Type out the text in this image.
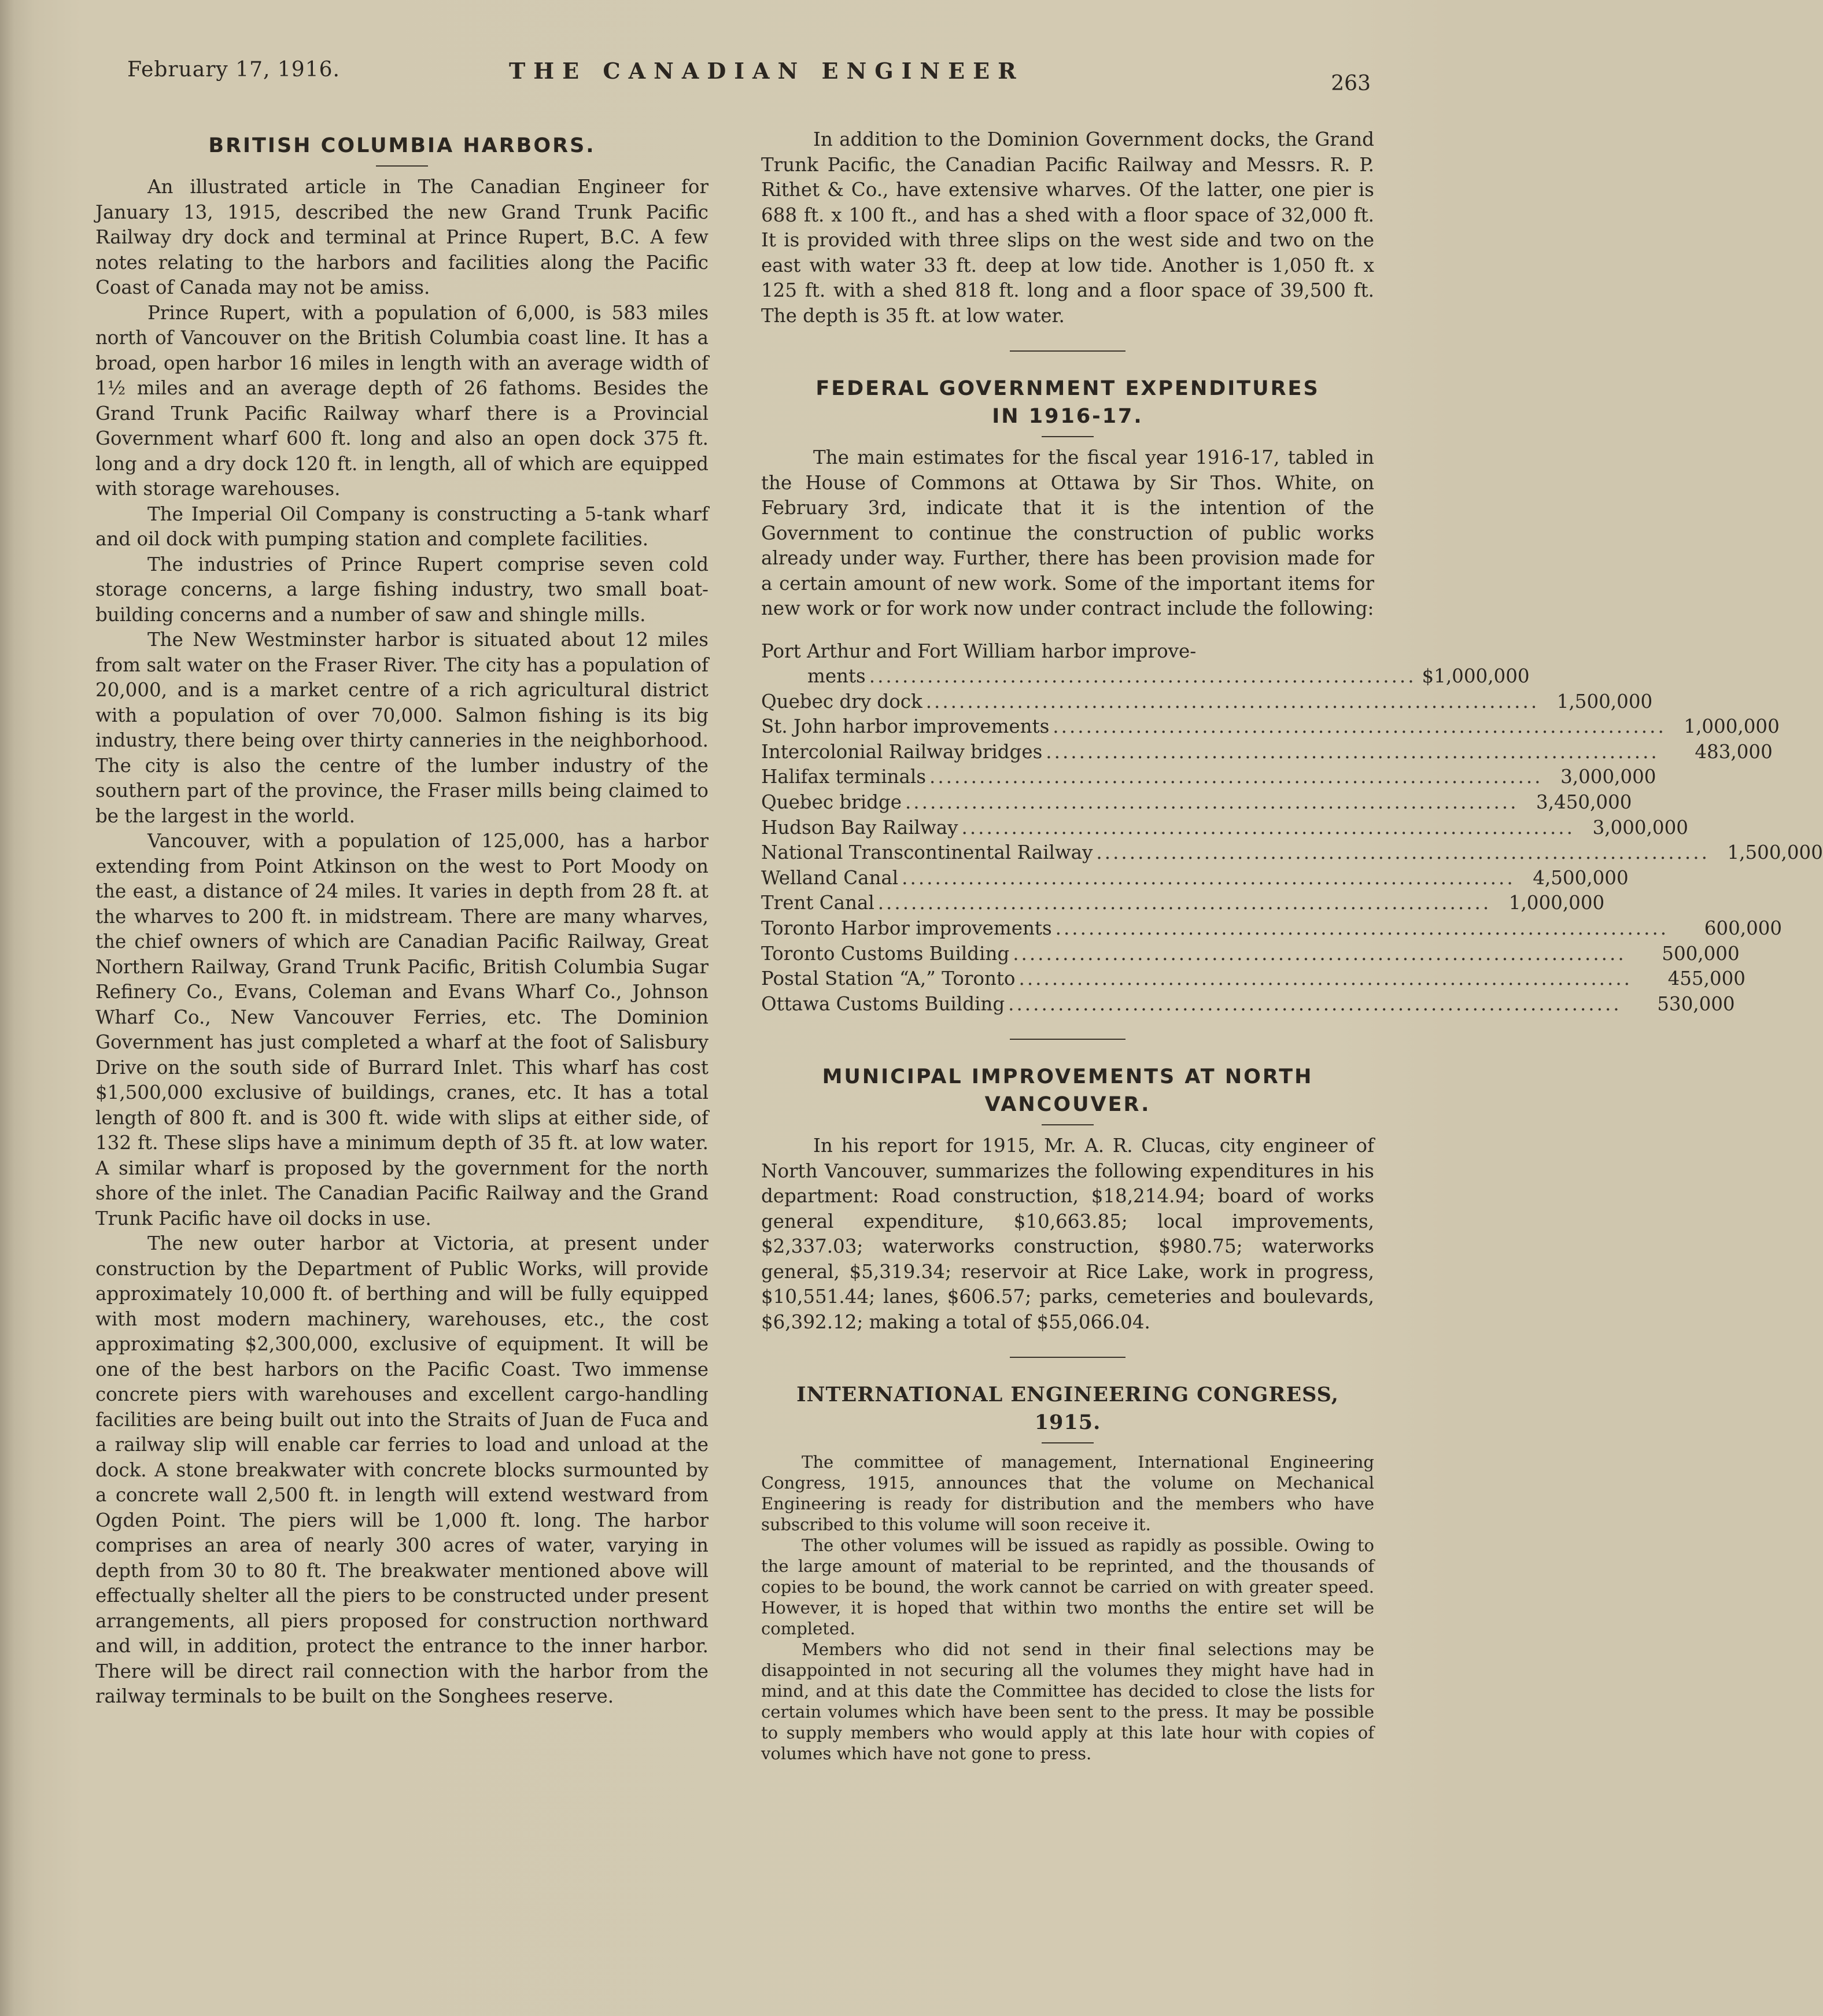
February 17, 1916.	THE CANADIAN ENGINEER	263
BRITISH COLUMBIA HARBORS.

An illustrated article in The Canadian Engineer for January 13, 1915, described the new Grand Trunk Pacific Railway dry dock and terminal at Prince Rupert, B.C. A few notes relating to the harbors and facilities along the Pacific Coast of Canada may not be amiss.

Prince Rupert, with a population of 6,000, is 583 miles north of Vancouver on the British Columbia coast line. It has a broad, open harbor 16 miles in length with an average width of 1½ miles and an average depth of 26 fathoms. Besides the Grand Trunk Pacific Railway wharf there is a Provincial Government wharf 600 ft. long and also an open dock 375 ft. long and a dry dock 120 ft. in length, all of which are equipped with storage warehouses.

The Imperial Oil Company is constructing a 5-tank wharf and oil dock with pumping station and complete facilities.

The industries of Prince Rupert comprise seven cold storage concerns, a large fishing industry, two small boat-building concerns and a number of saw and shingle mills.

The New Westminster harbor is situated about 12 miles from salt water on the Fraser River. The city has a population of 20,000, and is a market centre of a rich agricultural district with a population of over 70,000. Salmon fishing is its big industry, there being over thirty canneries in the neighborhood. The city is also the centre of the lumber industry of the southern part of the province, the Fraser mills being claimed to be the largest in the world.

Vancouver, with a population of 125,000, has a harbor extending from Point Atkinson on the west to Port Moody on the east, a distance of 24 miles. It varies in depth from 28 ft. at the wharves to 200 ft. in midstream. There are many wharves, the chief owners of which are Canadian Pacific Railway, Great Northern Railway, Grand Trunk Pacific, British Columbia Sugar Refinery Co., Evans, Coleman and Evans Wharf Co., Johnson Wharf Co., New Vancouver Ferries, etc. The Dominion Government has just completed a wharf at the foot of Salisbury Drive on the south side of Burrard Inlet. This wharf has cost $1,500,000 exclusive of buildings, cranes, etc. It has a total length of 800 ft. and is 300 ft. wide with slips at either side, of 132 ft. These slips have a minimum depth of 35 ft. at low water. A similar wharf is proposed by the government for the north shore of the inlet. The Canadian Pacific Railway and the Grand Trunk Pacific have oil docks in use.

The new outer harbor at Victoria, at present under construction by the Department of Public Works, will provide approximately 10,000 ft. of berthing and will be fully equipped with most modern machinery, warehouses, etc., the cost approximating $2,300,000, exclusive of equipment. It will be one of the best harbors on the Pacific Coast. Two immense concrete piers with warehouses and excellent cargo-handling facilities are being built out into the Straits of Juan de Fuca and a railway slip will enable car ferries to load and unload at the dock. A stone breakwater with concrete blocks surmounted by a concrete wall 2,500 ft. in length will extend westward from Ogden Point. The piers will be 1,000 ft. long. The harbor comprises an area of nearly 300 acres of water, varying in depth from 30 to 80 ft. The breakwater mentioned above will effectually shelter all the piers to be constructed under present arrangements, all piers proposed for construction northward and will, in addition, protect the entrance to the inner harbor. There will be direct rail connection with the harbor from the railway terminals to be built on the Songhees reserve.

In addition to the Dominion Government docks, the Grand Trunk Pacific, the Canadian Pacific Railway and Messrs. R. P. Rithet & Co., have extensive wharves. Of the latter, one pier is 688 ft. x 100 ft., and has a shed with a floor space of 32,000 ft. It is provided with three slips on the west side and two on the east with water 33 ft. deep at low tide. Another is 1,050 ft. x 125 ft. with a shed 818 ft. long and a floor space of 39,500 ft. The depth is 35 ft. at low water.

FEDERAL GOVERNMENT EXPENDITURES
IN 1916-17.

The main estimates for the fiscal year 1916-17, tabled in the House of Commons at Ottawa by Sir Thos. White, on February 3rd, indicate that it is the intention of the Government to continue the construction of public works already under way. Further, there has been provision made for a certain amount of new work. Some of the important items for new work or for work now under contract include the following:

Port Arthur and Fort William harbor improve-
ments .................................................................. $1,000,000
Quebec dry dock .......................................................................... 1,500,000
St. John harbor improvements .......................................................................... 1,000,000
Intercolonial Railway bridges ..........................................................................	483,000
Halifax terminals .......................................................................... 3,000,000
Quebec bridge .......................................................................... 3,450,000
Hudson Bay Railway .......................................................................... 3,000,000
National Transcontinental Railway .......................................................................... 1,500,000
Welland Canal .......................................................................... 4,500,000
Trent Canal .......................................................................... 1,000,000
Toronto Harbor improvements ..........................................................................	600,000
Toronto Customs Building ..........................................................................	500,000
Postal Station “A,” Toronto ..........................................................................	455,000
Ottawa Customs Building ..........................................................................	530,000
MUNICIPAL IMPROVEMENTS AT NORTH
VANCOUVER.

In his report for 1915, Mr. A. R. Clucas, city engineer of North Vancouver, summarizes the following expenditures in his department: Road construction, $18,214.94; board of works general expenditure, $10,663.85; local improvements, $2,337.03; waterworks construction, $980.75; waterworks general, $5,319.34; reservoir at Rice Lake, work in progress, $10,551.44; lanes, $606.57; parks, cemeteries and boulevards, $6,392.12; making a total of $55,066.04.

INTERNATIONAL ENGINEERING CONGRESS, 1915.

The committee of management, International Engineering Congress, 1915, announces that the volume on Mechanical Engineering is ready for distribution and the members who have subscribed to this volume will soon receive it.

The other volumes will be issued as rapidly as possible. Owing to the large amount of material to be reprinted, and the thousands of copies to be bound, the work cannot be carried on with greater speed. However, it is hoped that within two months the entire set will be completed.

Members who did not send in their final selections may be disappointed in not securing all the volumes they might have had in mind, and at this date the Committee has decided to close the lists for certain volumes which have been sent to the press. It may be possible to supply members who would apply at this late hour with copies of volumes which have not gone to press.
